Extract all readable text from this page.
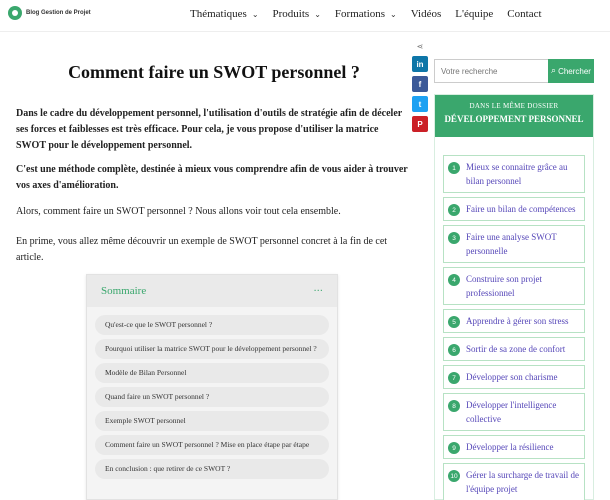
Blog Gestion de Projet	Thématiques ⌄ Produits ⌄ Formations ⌄ Vidéos L'équipe Contact
Comment faire un SWOT personnel ?

Dans le cadre du développement personnel, l'utilisation d'outils de stratégie afin de déceler ses forces et faiblesses est très efficace. Pour cela, je vous propose d'utiliser la matrice SWOT pour le développement personnel.

C'est une méthode complète, destinée à mieux vous comprendre afin de vous aider à trouver vos axes d'amélioration.

Alors, comment faire un SWOT personnel ? Nous allons voir tout cela ensemble.

En prime, vous allez même découvrir un exemple de SWOT personnel concret à la fin de cet article.

⋖
in
f
t
P
Sommaire	···
Qu'est-ce que le SWOT personnel ?
Pourquoi utiliser la matrice SWOT pour le développement personnel ?
Modèle de Bilan Personnel
Quand faire un SWOT personnel ?
Exemple SWOT personnel
Comment faire un SWOT personnel ? Mise en place étape par étape
En conclusion : que retirer de ce SWOT ?
Votre recherche
⌕ Chercher
DANS LE MÊME DOSSIER
DÉVELOPPEMENT PERSONNEL
1	Mieux se connaitre grâce au bilan personnel
2	Faire un bilan de compétences
3	Faire une analyse SWOT personnelle
4	Construire son projet professionnel
5	Apprendre à gérer son stress
6	Sortir de sa zone de confort
7	Développer son charisme
8	Développer l'intelligence collective
9	Développer la résilience
10 Gérer la surcharge de travail de l'équipe projet
